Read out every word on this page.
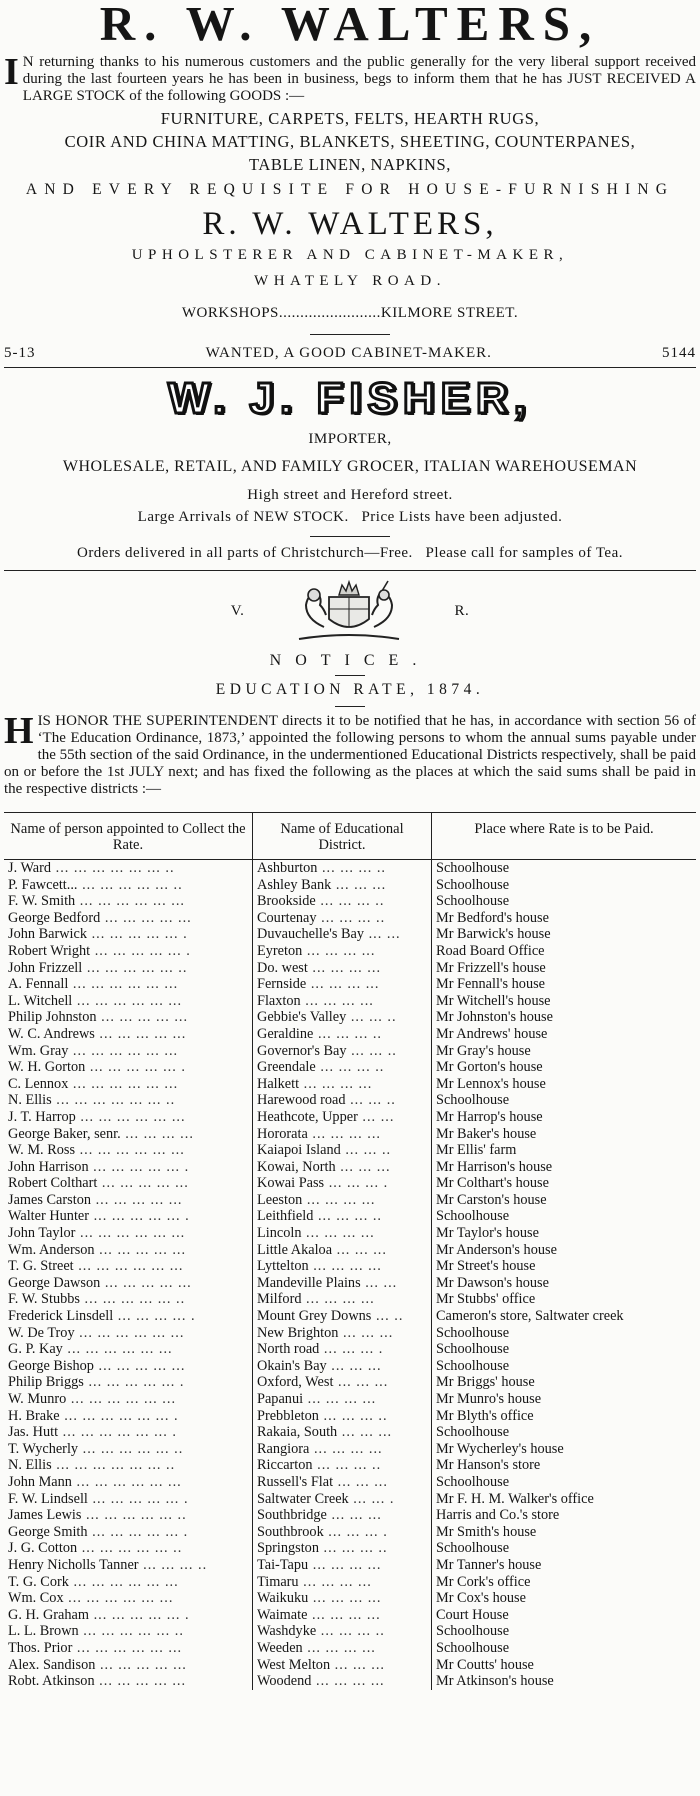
R. W. WALTERS,

I N returning thanks to his numerous customers and the public generally for the very liberal support received during the last fourteen years he has been in business, begs to inform them that he has JUST RECEIVED A LARGE STOCK of the following GOODS :—

FURNITURE, CARPETS, FELTS, HEARTH RUGS,

COIR AND CHINA MATTING, BLANKETS, SHEETING, COUNTERPANES,

TABLE LINEN, NAPKINS,

AND EVERY REQUISITE FOR HOUSE-FURNISHING

R. W. WALTERS,

UPHOLSTERER AND CABINET-MAKER,

WHATELY ROAD.

WORKSHOPS........................KILMORE STREET.

5-13	WANTED, A GOOD CABINET-MAKER.	5144

W. J. FISHER,

IMPORTER,

WHOLESALE, RETAIL, AND FAMILY GROCER, ITALIAN WAREHOUSEMAN

High street and Hereford street.

Large Arrivals of NEW STOCK.   Price Lists have been adjusted.

Orders delivered in all parts of Christchurch—Free.   Please call for samples of Tea.

V.	R.

NOTICE.

EDUCATION RATE, 1874.

HIS HONOR THE SUPERINTENDENT directs it to be notified that he has, in accordance with section 56 of ‘The Education Ordinance, 1873,’ appointed the following persons to whom the annual sums payable under the 55th section of the said Ordinance, in the undermentioned Educational Districts respectively, shall be paid on or before the 1st JULY next; and has fixed the following as the places at which the said sums shall be paid in the respective districts :—

Name of person appointed to Collect the Rate.	Name of Educational District.	Place where Rate is to be Paid.
J. Ward ... ... ... ... ... ... ..	Ashburton ... ... ... ..	Schoolhouse
P. Fawcett... ... ... ... ... ... ..	Ashley Bank ... ... ...	Schoolhouse
F. W. Smith ... ... ... ... ... ...	Brookside ... ... ... ..	Schoolhouse
George Bedford ... ... ... ... ...	Courtenay ... ... ... ..	Mr Bedford's house
John Barwick ... ... ... ... ... .	Duvauchelle's Bay ... ...	Mr Barwick's house
Robert Wright ... ... ... ... ... .	Eyreton ... ... ... ...	Road Board Office
John Frizzell ... ... ... ... ... ..	Do. west ... ... ... ...	Mr Frizzell's house
A. Fennall ... ... ... ... ... ...	Fernside ... ... ... ...	Mr Fennall's house
L. Witchell ... ... ... ... ... ...	Flaxton ... ... ... ...	Mr Witchell's house
Philip Johnston ... ... ... ... ...	Gebbie's Valley ... ... ..	Mr Johnston's house
W. C. Andrews ... ... ... ... ...	Geraldine ... ... ... ..	Mr Andrews' house
Wm. Gray ... ... ... ... ... ...	Governor's Bay ... ... ..	Mr Gray's house
W. H. Gorton ... ... ... ... ... .	Greendale ... ... ... ..	Mr Gorton's house
C. Lennox ... ... ... ... ... ...	Halkett ... ... ... ...	Mr Lennox's house
N. Ellis ... ... ... ... ... ... ..	Harewood road ... ... ..	Schoolhouse
J. T. Harrop ... ... ... ... ... ...	Heathcote, Upper ... ...	Mr Harrop's house
George Baker, senr. ... ... ... ...	Hororata ... ... ... ...	Mr Baker's house
W. M. Ross ... ... ... ... ... ...	Kaiapoi Island ... ... ..	Mr Ellis' farm
John Harrison ... ... ... ... ... .	Kowai, North ... ... ...	Mr Harrison's house
Robert Colthart ... ... ... ... ...	Kowai Pass ... ... ... .	Mr Colthart's house
James Carston ... ... ... ... ...	Leeston ... ... ... ...	Mr Carston's house
Walter Hunter ... ... ... ... ... .	Leithfield ... ... ... ..	Schoolhouse
John Taylor ... ... ... ... ... ...	Lincoln ... ... ... ...	Mr Taylor's house
Wm. Anderson ... ... ... ... ...	Little Akaloa ... ... ...	Mr Anderson's house
T. G. Street ... ... ... ... ... ...	Lyttelton ... ... ... ...	Mr Street's house
George Dawson ... ... ... ... ...	Mandeville Plains ... ...	Mr Dawson's house
F. W. Stubbs ... ... ... ... ... ..	Milford ... ... ... ...	Mr Stubbs' office
Frederick Linsdell ... ... ... ... .	Mount Grey Downs ... ..	Cameron's store, Saltwater creek
W. De Troy ... ... ... ... ... ...	New Brighton ... ... ...	Schoolhouse
G. P. Kay ... ... ... ... ... ...	North road ... ... ... .	Schoolhouse
George Bishop ... ... ... ... ...	Okain's Bay ... ... ...	Schoolhouse
Philip Briggs ... ... ... ... ... .	Oxford, West ... ... ...	Mr Briggs' house
W. Munro ... ... ... ... ... ...	Papanui ... ... ... ...	Mr Munro's house
H. Brake ... ... ... ... ... ... .	Prebbleton ... ... ... ..	Mr Blyth's office
Jas. Hutt ... ... ... ... ... ... .	Rakaia, South ... ... ...	Schoolhouse
T. Wycherly ... ... ... ... ... ..	Rangiora ... ... ... ...	Mr Wycherley's house
N. Ellis ... ... ... ... ... ... ..	Riccarton ... ... ... ..	Mr Hanson's store
John Mann ... ... ... ... ... ...	Russell's Flat ... ... ...	Schoolhouse
F. W. Lindsell ... ... ... ... ... .	Saltwater Creek ... ... .	Mr F. H. M. Walker's office
James Lewis ... ... ... ... ... ..	Southbridge ... ... ...	Harris and Co.'s store
George Smith ... ... ... ... ... .	Southbrook ... ... ... .	Mr Smith's house
J. G. Cotton ... ... ... ... ... ..	Springston ... ... ... ..	Schoolhouse
Henry Nicholls Tanner ... ... ... ..	Tai-Tapu ... ... ... ...	Mr Tanner's house
T. G. Cork ... ... ... ... ... ...	Timaru ... ... ... ...	Mr Cork's office
Wm. Cox ... ... ... ... ... ...	Waikuku ... ... ... ...	Mr Cox's house
G. H. Graham ... ... ... ... ... .	Waimate ... ... ... ...	Court House
L. L. Brown ... ... ... ... ... ..	Washdyke ... ... ... ..	Schoolhouse
Thos. Prior ... ... ... ... ... ...	Weeden ... ... ... ...	Schoolhouse
Alex. Sandison ... ... ... ... ...	West Melton ... ... ...	Mr Coutts' house
Robt. Atkinson ... ... ... ... ...	Woodend ... ... ... ...	Mr Atkinson's house
